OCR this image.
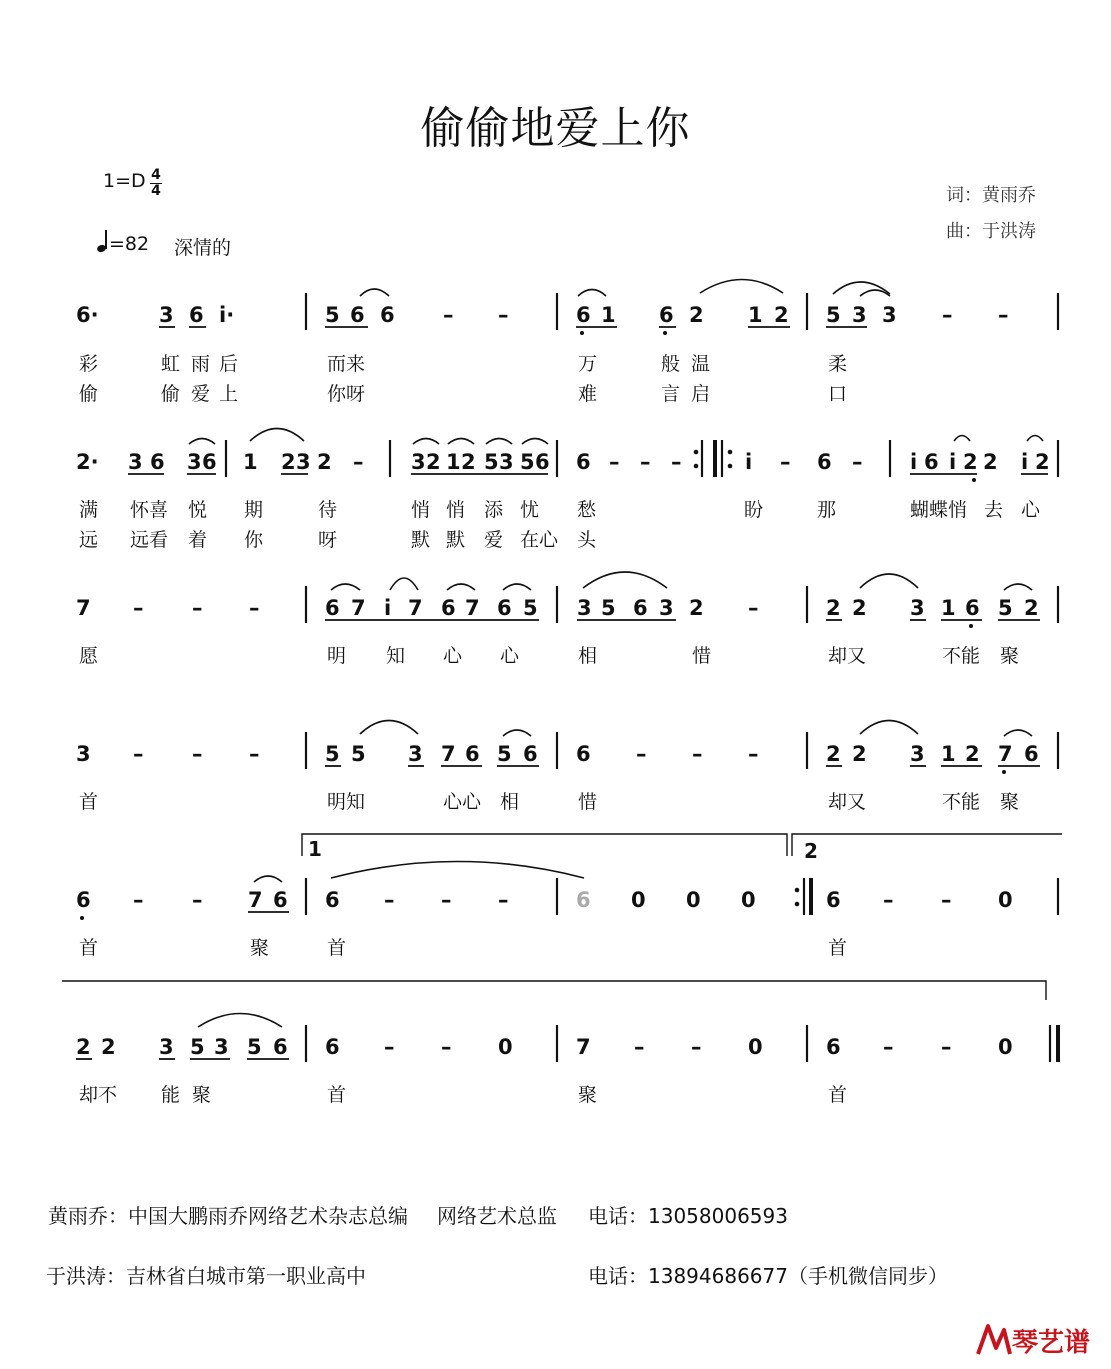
偷偷地爱上你
1=D 4
4
=82 深情的
词：黄雨乔
曲：于洪涛
6·	3 6 i·	5 6 6 – –	6 1 6 2 1 2 5 3 3 – –
彩	虹 雨 后	而来	万	般 温	柔
偷	偷 爱 上	你呀	难	言 启	口
2· 3 6 3 6 1 2 3 2 – 3 2 1 2 5 3 5 6 6 – – –	i – 6 – i 6 i 2 2 i 2
满 怀喜 悦 期	待	悄 悄 添 忧 愁	盼	那	蝴蝶 悄 去 心
远 远看 着 你	呀	默 默 爱 在心 头
7 – – –	6 7 i 7 6 7 6 5 3 5 6 3 2 –	2 2 3 1 6 5 2
愿	明 知 心 心	相	惜	却又	不能 聚
3 – – –	5 5 3 7 6 5 6 6 – – –	2 2 3 1 2 7 6
首	明知	心心 相	惜	却又	不能 聚
1	2
6 – – 7 6 6 – – –	6 0 0 0	6 – – 0
首	聚	首	首
2 2 3 5 3 5 6 6 – – 0	7 – – 0	6 – – 0
却不 能 聚	首	聚	首
黄雨乔：中国大鹏雨乔网络艺术杂志总编 网络艺术总监 电话：13058006593
于洪涛：吉林省白城市第一职业高中	电话：13894686677（手机微信同步）
琴艺谱
